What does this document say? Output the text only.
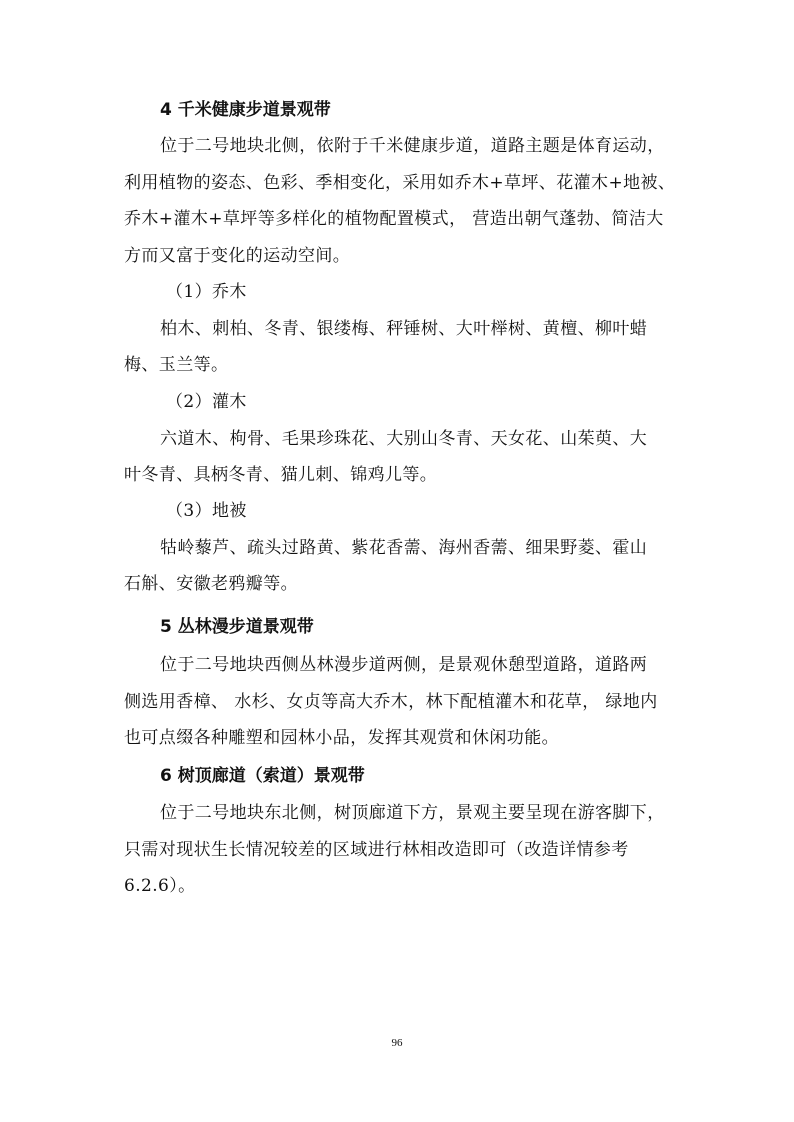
4 千米健康步道景观带
位于二号地块北侧，依附于千米健康步道，道路主题是体育运动，
利用植物的姿态、色彩、季相变化，采用如乔木+草坪、花灌木+地被、
乔木+灌木+草坪等多样化的植物配置模式， 营造出朝气蓬勃、简洁大
方而又富于变化的运动空间。
（1）乔木
柏木、刺柏、冬青、银缕梅、秤锤树、大叶榉树、黄檀、柳叶蜡
梅、玉兰等。
（2）灌木
六道木、枸骨、毛果珍珠花、大别山冬青、天女花、山茱萸、大
叶冬青、具柄冬青、猫儿刺、锦鸡儿等。
（3）地被
牯岭藜芦、疏头过路黄、紫花香薷、海州香薷、细果野菱、霍山
石斛、安徽老鸦瓣等。
5 丛林漫步道景观带
位于二号地块西侧丛林漫步道两侧，是景观休憩型道路，道路两
侧选用香樟、 水杉、女贞等高大乔木，林下配植灌木和花草， 绿地内
也可点缀各种雕塑和园林小品，发挥其观赏和休闲功能。
6 树顶廊道（索道）景观带
位于二号地块东北侧，树顶廊道下方，景观主要呈现在游客脚下，
只需对现状生长情况较差的区域进行林相改造即可（改造详情参考
6.2.6）。
96
